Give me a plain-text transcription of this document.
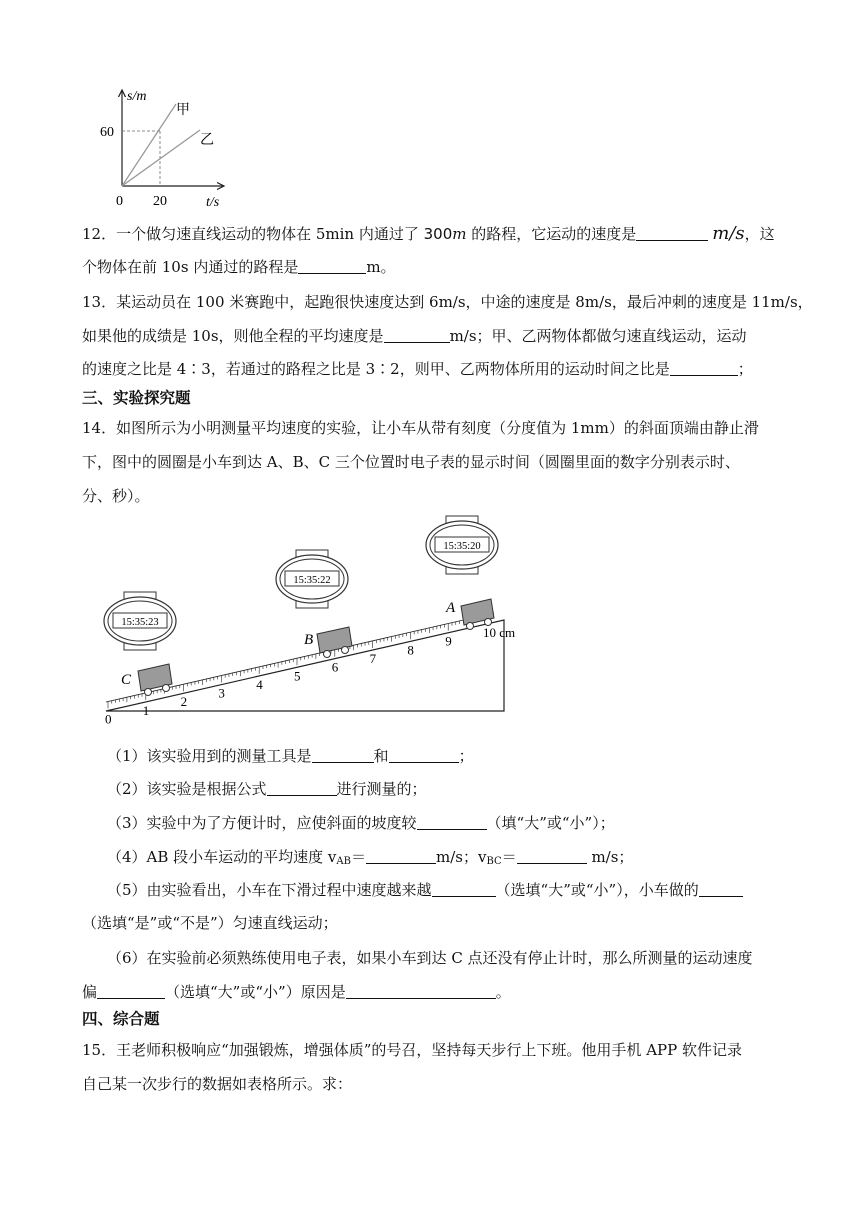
s/m
t/s
60
20
0
甲
乙
12．一个做匀速直线运动的物体在 5min 内通过了 300m 的路程，它运动的速度是	m/s，这
个物体在前 10s 内通过的路程是	m。
13．某运动员在 100 米赛跑中，起跑很快速度达到 6m/s，中途的速度是 8m/s，最后冲刺的速度是 11m/s，
如果他的成绩是 10s，则他全程的平均速度是	m/s；甲、乙两物体都做匀速直线运动，运动
的速度之比是 4∶3，若通过的路程之比是 3∶2，则甲、乙两物体所用的运动时间之比是	；
三、实验探究题
14．如图所示为小明测量平均速度的实验，让小车从带有刻度（分度值为 1mm）的斜面顶端由静止滑
下，图中的圆圈是小车到达 A、B、C 三个位置时电子表的显示时间（圆圈里面的数字分别表示时、
分、秒）。
0
1
2
3
4
5
6
7
8
9
10 cm
C
B
A
15:35:23
15:35:22
15:35:20
（1）该实验用到的测量工具是	和	；
（2）该实验是根据公式	进行测量的；
（3）实验中为了方便计时，应使斜面的坡度较	（填“大”或“小”）；
（4）AB 段小车运动的平均速度 $v_{AB}=$	m/s；$v_{BC}=$	m/s；
（5）由实验看出，小车在下滑过程中速度越来越	（选填“大”或“小”），小车做的
（选填“是”或“不是”）匀速直线运动；
（6）在实验前必须熟练使用电子表，如果小车到达 C 点还没有停止计时，那么所测量的运动速度
偏	（选填“大”或“小”）原因是	。
四、综合题
15．王老师积极响应“加强锻炼，增强体质”的号召，坚持每天步行上下班。他用手机 APP 软件记录
自己某一次步行的数据如表格所示。求：
